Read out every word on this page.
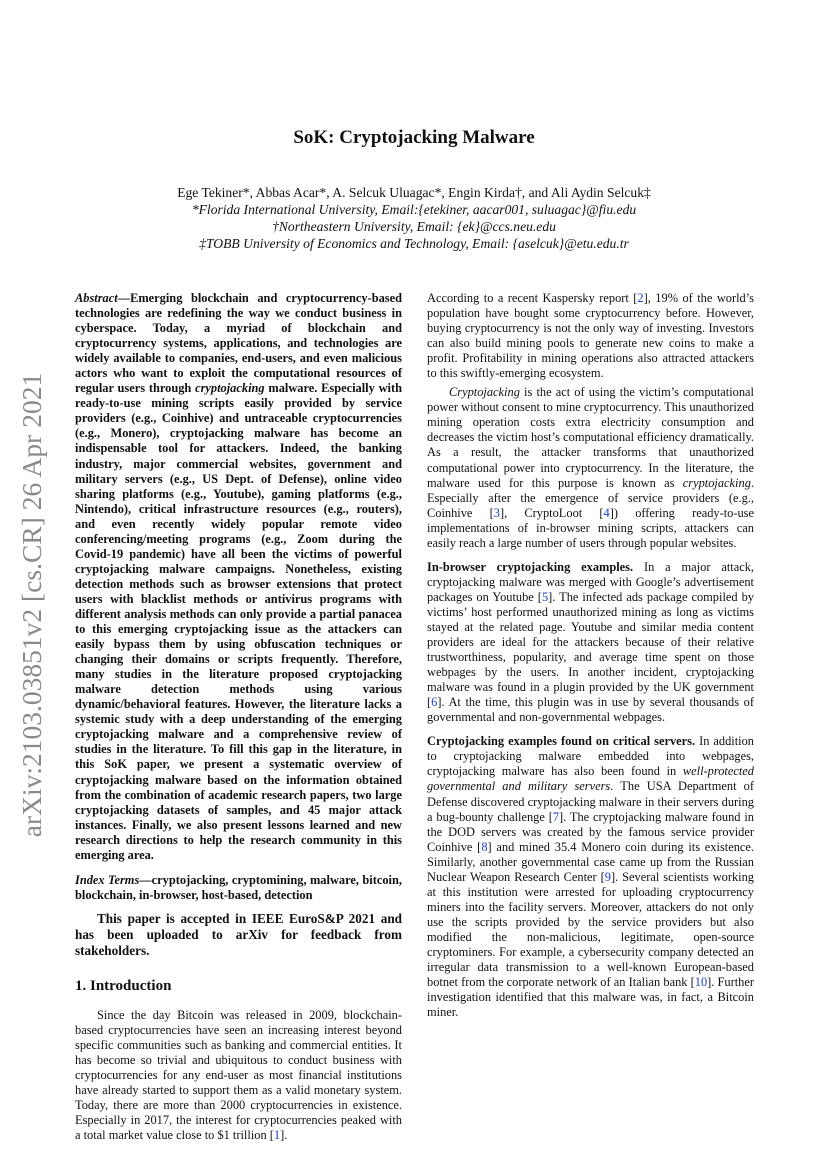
arXiv:2103.03851v2 [cs.CR] 26 Apr 2021
SoK: Cryptojacking Malware
Ege Tekiner*, Abbas Acar*, A. Selcuk Uluagac*, Engin Kirda†, and Ali Aydin Selcuk‡
*Florida International University, Email:{etekiner, aacar001, suluagac}@fiu.edu
†Northeastern University, Email: {ek}@ccs.neu.edu
‡TOBB University of Economics and Technology, Email: {aselcuk}@etu.edu.tr

Abstract—Emerging blockchain and cryptocurrency-based technologies are redefining the way we conduct business in cyberspace. Today, a myriad of blockchain and cryptocurrency systems, applications, and technologies are widely available to companies, end-users, and even malicious actors who want to exploit the computational resources of regular users through cryptojacking malware. Especially with ready-to-use mining scripts easily provided by service providers (e.g., Coinhive) and untraceable cryptocurrencies (e.g., Monero), cryptojacking malware has become an indispensable tool for attackers. Indeed, the banking industry, major commercial websites, government and military servers (e.g., US Dept. of Defense), online video sharing platforms (e.g., Youtube), gaming platforms (e.g., Nintendo), critical infrastructure resources (e.g., routers), and even recently widely popular remote video conferencing/meeting programs (e.g., Zoom during the Covid-19 pandemic) have all been the victims of powerful cryptojacking malware campaigns. Nonetheless, existing detection methods such as browser extensions that protect users with blacklist methods or antivirus programs with different analysis methods can only provide a partial panacea to this emerging cryptojacking issue as the attackers can easily bypass them by using obfuscation techniques or changing their domains or scripts frequently. Therefore, many studies in the literature proposed cryptojacking malware detection methods using various dynamic/behavioral features. However, the literature lacks a systemic study with a deep understanding of the emerging cryptojacking malware and a comprehensive review of studies in the literature. To fill this gap in the literature, in this SoK paper, we present a systematic overview of cryptojacking malware based on the information obtained from the combination of academic research papers, two large cryptojacking datasets of samples, and 45 major attack instances. Finally, we also present lessons learned and new research directions to help the research community in this emerging area.

Index Terms—cryptojacking, cryptomining, malware, bitcoin, blockchain, in-browser, host-based, detection

This paper is accepted in IEEE EuroS&P 2021 and has been uploaded to arXiv for feedback from stakeholders.

1. Introduction

Since the day Bitcoin was released in 2009, blockchain-based cryptocurrencies have seen an increasing interest beyond specific communities such as banking and commercial entities. It has become so trivial and ubiquitous to conduct business with cryptocurrencies for any end-user as most financial institutions have already started to support them as a valid monetary system. Today, there are more than 2000 cryptocurrencies in existence. Especially in 2017, the interest for cryptocurrencies peaked with a total market value close to $1 trillion [1].

According to a recent Kaspersky report [2], 19% of the world’s population have bought some cryptocurrency before. However, buying cryptocurrency is not the only way of investing. Investors can also build mining pools to generate new coins to make a profit. Profitability in mining operations also attracted attackers to this swiftly-emerging ecosystem.

Cryptojacking is the act of using the victim’s computational power without consent to mine cryptocurrency. This unauthorized mining operation costs extra electricity consumption and decreases the victim host’s computational efficiency dramatically. As a result, the attacker transforms that unauthorized computational power into cryptocurrency. In the literature, the malware used for this purpose is known as cryptojacking. Especially after the emergence of service providers (e.g., Coinhive [3], CryptoLoot [4]) offering ready-to-use implementations of in-browser mining scripts, attackers can easily reach a large number of users through popular websites.

In-browser cryptojacking examples. In a major attack, cryptojacking malware was merged with Google’s advertisement packages on Youtube [5]. The infected ads package compiled by victims’ host performed unauthorized mining as long as victims stayed at the related page. Youtube and similar media content providers are ideal for the attackers because of their relative trustworthiness, popularity, and average time spent on those webpages by the users. In another incident, cryptojacking malware was found in a plugin provided by the UK government [6]. At the time, this plugin was in use by several thousands of governmental and non-governmental webpages.

Cryptojacking examples found on critical servers. In addition to cryptojacking malware embedded into webpages, cryptojacking malware has also been found in well-protected governmental and military servers. The USA Department of Defense discovered cryptojacking malware in their servers during a bug-bounty challenge [7]. The cryptojacking malware found in the DOD servers was created by the famous service provider Coinhive [8] and mined 35.4 Monero coin during its existence. Similarly, another governmental case came up from the Russian Nuclear Weapon Research Center [9]. Several scientists working at this institution were arrested for uploading cryptocurrency miners into the facility servers. Moreover, attackers do not only use the scripts provided by the service providers but also modified the non-malicious, legitimate, open-source cryptominers. For example, a cybersecurity company detected an irregular data transmission to a well-known European-based botnet from the corporate network of an Italian bank [10]. Further investigation identified that this malware was, in fact, a Bitcoin miner.
